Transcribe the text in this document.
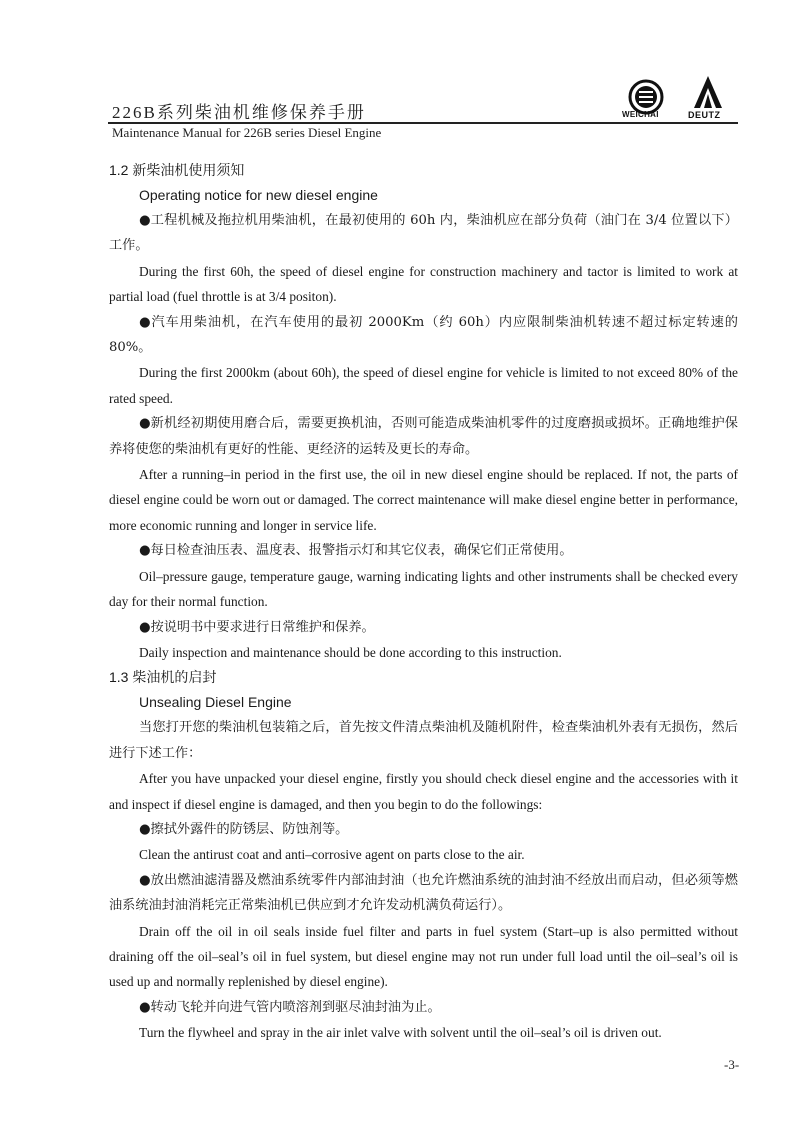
226B系列柴油机维修保养手册	WEICHAI	DEUTZ
Maintenance Manual for 226B series Diesel Engine

1.2 新柴油机使用须知

Operating notice for new diesel engine

●工程机械及拖拉机用柴油机，在最初使用的 60h 内，柴油机应在部分负荷（油门在 3/4 位置以下）工作。

During the first 60h, the speed of diesel engine for construction machinery and tactor is limited to work at partial load (fuel throttle is at 3/4 positon).

●汽车用柴油机，在汽车使用的最初 2000Km（约 60h）内应限制柴油机转速不超过标定转速的 80%。

During the first 2000km (about 60h), the speed of diesel engine for vehicle is limited to not exceed 80% of the rated speed.

●新机经初期使用磨合后，需要更换机油，否则可能造成柴油机零件的过度磨损或损坏。正确地维护保养将使您的柴油机有更好的性能、更经济的运转及更长的寿命。

After a running–in period in the first use, the oil in new diesel engine should be replaced. If not, the parts of diesel engine could be worn out or damaged. The correct maintenance will make diesel engine better in performance, more economic running and longer in service life.

●每日检查油压表、温度表、报警指示灯和其它仪表，确保它们正常使用。

Oil–pressure gauge, temperature gauge, warning indicating lights and other instruments shall be checked every day for their normal function.

●按说明书中要求进行日常维护和保养。

Daily inspection and maintenance should be done according to this instruction.

1.3 柴油机的启封

Unsealing Diesel Engine

当您打开您的柴油机包装箱之后，首先按文件清点柴油机及随机附件，检查柴油机外表有无损伤，然后进行下述工作：

After you have unpacked your diesel engine, firstly you should check diesel engine and the accessories with it and inspect if diesel engine is damaged, and then you begin to do the followings:

●擦拭外露件的防锈层、防蚀剂等。

Clean the antirust coat and anti–corrosive agent on parts close to the air.

●放出燃油滤清器及燃油系统零件内部油封油（也允许燃油系统的油封油不经放出而启动，但必须等燃油系统油封油消耗完正常柴油机已供应到才允许发动机满负荷运行）。

Drain off the oil in oil seals inside fuel filter and parts in fuel system (Start–up is also permitted without draining off the oil–seal’s oil in fuel system, but diesel engine may not run under full load until the oil–seal’s oil is used up and normally replenished by diesel engine).

●转动飞轮并向进气管内喷溶剂到驱尽油封油为止。

Turn the flywheel and spray in the air inlet valve with solvent until the oil–seal’s oil is driven out.

-3-
